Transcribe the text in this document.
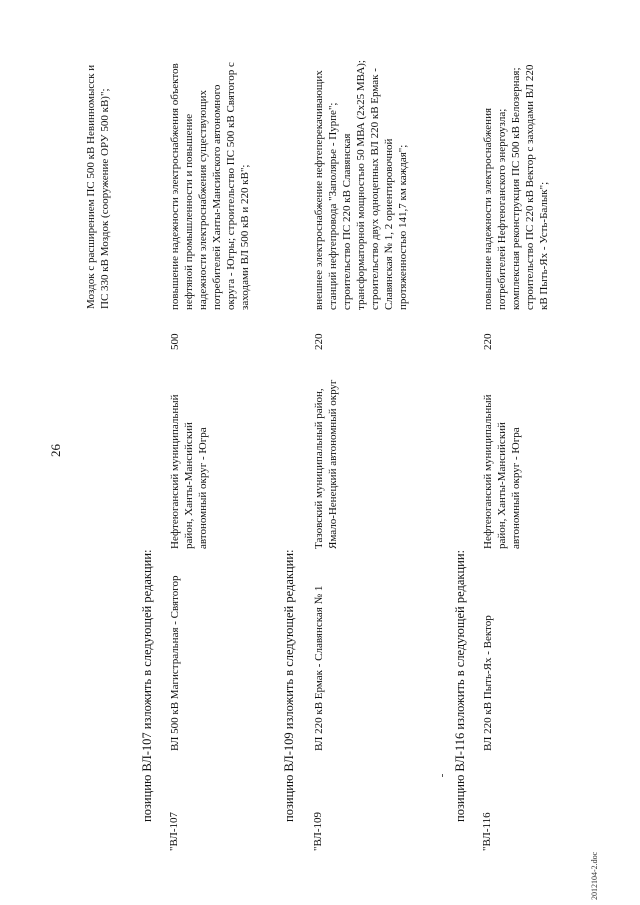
26
Моздок с расширением ПС 500 кВ Невинномысск и ПС 330 кВ Моздок (сооружение ОРУ 500 кВ)";
позицию ВЛ-107 изложить в следующей редакции:
"ВЛ-107
ВЛ 500 кВ Магистральная - Святогор
Нефтеюганский муниципальный район, Ханты-Мансийский автономный округ - Югра
500
повышение надежности электроснабжения объектов нефтяной промышленности и повышение надежности электроснабжения существующих потребителей Ханты-Мансийского автономного округа - Югры; строительство ПС 500 кВ Святогор с заходами ВЛ 500 кВ и 220 кВ";
позицию ВЛ-109 изложить в следующей редакции:
"ВЛ-109
ВЛ 220 кВ Ермак - Славянская № 1
Тазовский муниципальный район, Ямало-Ненецкий автономный округ
220
внешнее электроснабжение нефтеперекачивающих станций нефтепровода "Заполярье - Пурпе"; строительство ПС 220 кВ Славянская трансформаторной мощностью 50 МВА (2x25 МВА); строительство двух одноцепных ВЛ 220 кВ Ермак - Славянская № 1, 2 ориентировочной протяженностью 141,7 км каждая";
позицию ВЛ-116 изложить в следующей редакции:
"ВЛ-116
ВЛ 220 кВ Пыть-Ях - Вектор
Нефтеюганский муниципальный район, Ханты-Мансийский автономный округ - Югра
220
повышение надежности электроснабжения потребителей Нефтеюганского энергоузла; комплексная реконструкция ПС 500 кВ Белозерная; строительство ПС 220 кВ Вектор с заходами ВЛ 220 кВ Пыть-Ях - Усть-Балык";
2012104-2.doc
